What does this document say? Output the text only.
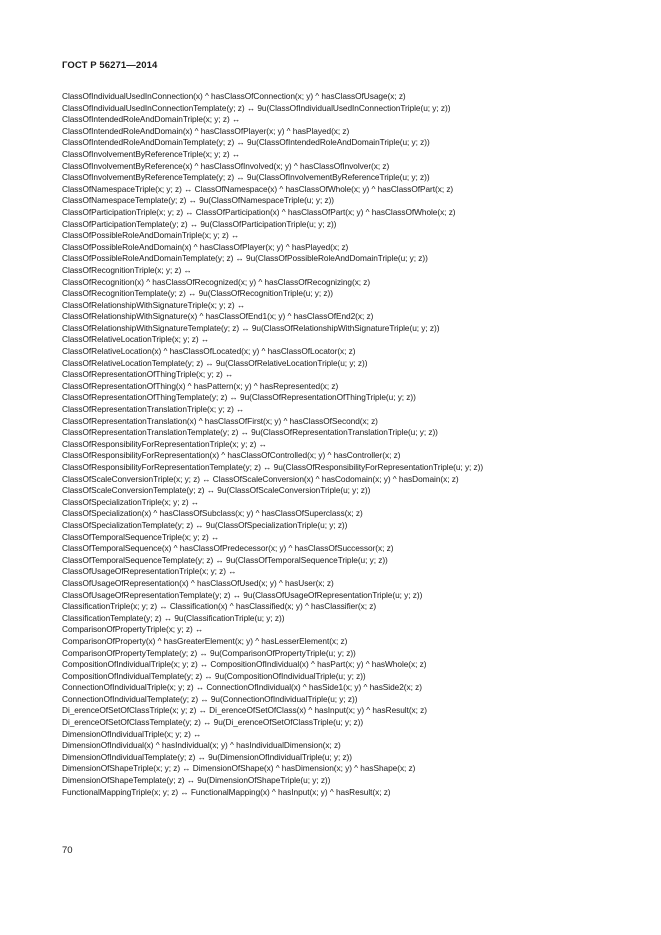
ГОСТ Р 56271—2014
ClassOfIndividualUsedInConnection(x) ^ hasClassOfConnection(x; y) ^ hasClassOfUsage(x; z)
ClassOfIndividualUsedInConnectionTemplate(y; z) ↔ 9u(ClassOfIndividualUsedInConnectionTriple(u; y; z))
ClassOfIntendedRoleAndDomainTriple(x; y; z) ↔
ClassOfIntendedRoleAndDomain(x) ^ hasClassOfPlayer(x; y) ^ hasPlayed(x; z)
ClassOfIntendedRoleAndDomainTemplate(y; z) ↔ 9u(ClassOfIntendedRoleAndDomainTriple(u; y; z))
ClassOfInvolvementByReferenceTriple(x; y; z) ↔
ClassOfInvolvementByReference(x) ^ hasClassOfInvolved(x; y) ^ hasClassOfInvolver(x; z)
ClassOfInvolvementByReferenceTemplate(y; z) ↔ 9u(ClassOfInvolvementByReferenceTriple(u; y; z))
ClassOfNamespaceTriple(x; y; z) ↔ ClassOfNamespace(x) ^ hasClassOfWhole(x; y) ^ hasClassOfPart(x; z)
ClassOfNamespaceTemplate(y; z) ↔ 9u(ClassOfNamespaceTriple(u; y; z))
ClassOfParticipationTriple(x; y; z) ↔ ClassOfParticipation(x) ^ hasClassOfPart(x; y) ^ hasClassOfWhole(x; z)
ClassOfParticipationTemplate(y; z) ↔ 9u(ClassOfParticipationTriple(u; y; z))
ClassOfPossibleRoleAndDomainTriple(x; y; z) ↔
ClassOfPossibleRoleAndDomain(x) ^ hasClassOfPlayer(x; y) ^ hasPlayed(x; z)
ClassOfPossibleRoleAndDomainTemplate(y; z) ↔ 9u(ClassOfPossibleRoleAndDomainTriple(u; y; z))
ClassOfRecognitionTriple(x; y; z) ↔
ClassOfRecognition(x) ^ hasClassOfRecognized(x; y) ^ hasClassOfRecognizing(x; z)
ClassOfRecognitionTemplate(y; z) ↔ 9u(ClassOfRecognitionTriple(u; y; z))
ClassOfRelationshipWithSignatureTriple(x; y; z) ↔
ClassOfRelationshipWithSignature(x) ^ hasClassOfEnd1(x; y) ^ hasClassOfEnd2(x; z)
ClassOfRelationshipWithSignatureTemplate(y; z) ↔ 9u(ClassOfRelationshipWithSignatureTriple(u; y; z))
ClassOfRelativeLocationTriple(x; y; z) ↔
ClassOfRelativeLocation(x) ^ hasClassOfLocated(x; y) ^ hasClassOfLocator(x; z)
ClassOfRelativeLocationTemplate(y; z) ↔ 9u(ClassOfRelativeLocationTriple(u; y; z))
ClassOfRepresentationOfThingTriple(x; y; z) ↔
ClassOfRepresentationOfThing(x) ^ hasPattern(x; y) ^ hasRepresented(x; z)
ClassOfRepresentationOfThingTemplate(y; z) ↔ 9u(ClassOfRepresentationOfThingTriple(u; y; z))
ClassOfRepresentationTranslationTriple(x; y; z) ↔
ClassOfRepresentationTranslation(x) ^ hasClassOfFirst(x; y) ^ hasClassOfSecond(x; z)
ClassOfRepresentationTranslationTemplate(y; z) ↔ 9u(ClassOfRepresentationTranslationTriple(u; y; z))
ClassOfResponsibilityForRepresentationTriple(x; y; z) ↔
ClassOfResponsibilityForRepresentation(x) ^ hasClassOfControlled(x; y) ^ hasController(x; z)
ClassOfResponsibilityForRepresentationTemplate(y; z) ↔ 9u(ClassOfResponsibilityForRepresentationTriple(u; y; z))
ClassOfScaleConversionTriple(x; y; z) ↔ ClassOfScaleConversion(x) ^ hasCodomain(x; y) ^ hasDomain(x; z)
ClassOfScaleConversionTemplate(y; z) ↔ 9u(ClassOfScaleConversionTriple(u; y; z))
ClassOfSpecializationTriple(x; y; z) ↔
ClassOfSpecialization(x) ^ hasClassOfSubclass(x; y) ^ hasClassOfSuperclass(x; z)
ClassOfSpecializationTemplate(y; z) ↔ 9u(ClassOfSpecializationTriple(u; y; z))
ClassOfTemporalSequenceTriple(x; y; z) ↔
ClassOfTemporalSequence(x) ^ hasClassOfPredecessor(x; y) ^ hasClassOfSuccessor(x; z)
ClassOfTemporalSequenceTemplate(y; z) ↔ 9u(ClassOfTemporalSequenceTriple(u; y; z))
ClassOfUsageOfRepresentationTriple(x; y; z) ↔
ClassOfUsageOfRepresentation(x) ^ hasClassOfUsed(x; y) ^ hasUser(x; z)
ClassOfUsageOfRepresentationTemplate(y; z) ↔ 9u(ClassOfUsageOfRepresentationTriple(u; y; z))
ClassificationTriple(x; y; z) ↔ Classification(x) ^ hasClassified(x; y) ^ hasClassifier(x; z)
ClassificationTemplate(y; z) ↔ 9u(ClassificationTriple(u; y; z))
ComparisonOfPropertyTriple(x; y; z) ↔
ComparisonOfProperty(x) ^ hasGreaterElement(x; y) ^ hasLesserElement(x; z)
ComparisonOfPropertyTemplate(y; z) ↔ 9u(ComparisonOfPropertyTriple(u; y; z))
CompositionOfIndividualTriple(x; y; z) ↔ CompositionOfIndividual(x) ^ hasPart(x; y) ^ hasWhole(x; z)
CompositionOfIndividualTemplate(y; z) ↔ 9u(CompositionOfIndividualTriple(u; y; z))
ConnectionOfIndividualTriple(x; y; z) ↔ ConnectionOfIndividual(x) ^ hasSide1(x; y) ^ hasSide2(x; z)
ConnectionOfIndividualTemplate(y; z) ↔ 9u(ConnectionOfIndividualTriple(u; y; z))
Di_erenceOfSetOfClassTriple(x; y; z) ↔ Di_erenceOfSetOfClass(x) ^ hasInput(x; y) ^ hasResult(x; z)
Di_erenceOfSetOfClassTemplate(y; z) ↔ 9u(Di_erenceOfSetOfClassTriple(u; y; z))
DimensionOfIndividualTriple(x; y; z) ↔
DimensionOfIndividual(x) ^ hasIndividual(x; y) ^ hasIndividualDimension(x; z)
DimensionOfIndividualTemplate(y; z) ↔ 9u(DimensionOfIndividualTriple(u; y; z))
DimensionOfShapeTriple(x; y; z) ↔ DimensionOfShape(x) ^ hasDimension(x; y) ^ hasShape(x; z)
DimensionOfShapeTemplate(y; z) ↔ 9u(DimensionOfShapeTriple(u; y; z))
FunctionalMappingTriple(x; y; z) ↔ FunctionalMapping(x) ^ hasInput(x; y) ^ hasResult(x; z)
70
